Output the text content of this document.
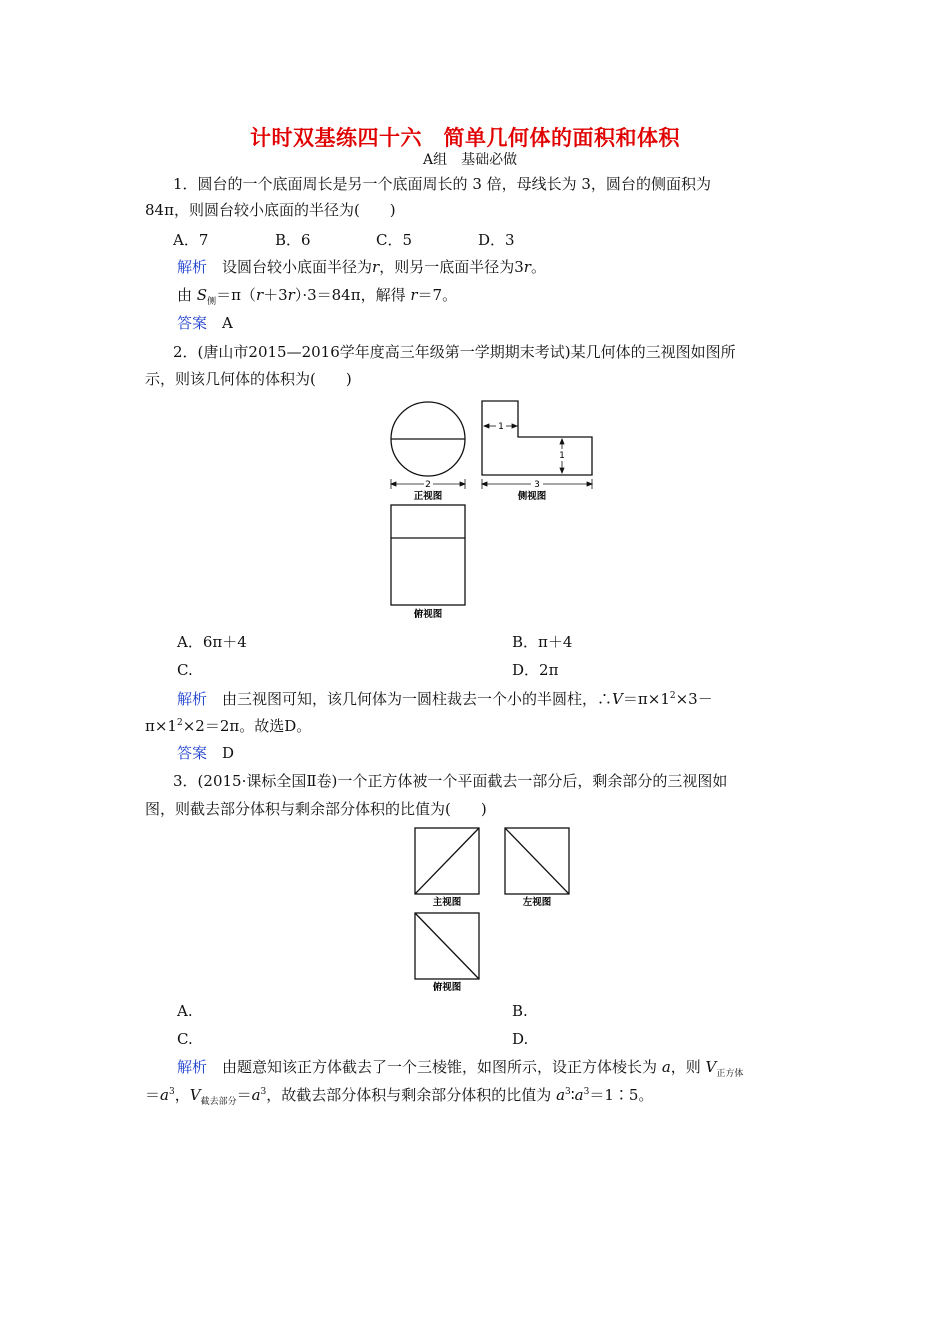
计时双基练四十六　简单几何体的面积和体积
A组　基础必做
1．圆台的一个底面周长是另一个底面周长的 3 倍，母线长为 3，圆台的侧面积为
84π，则圆台较小底面的半径为(　　)
A．7	B．6	C．5	D．3
解析　 设圆台较小底面半径为r，则另一底面半径为3r。
由 $S_侧=\pi(r+3r)\cdot 3=84\pi$，解得 r＝7。
答案　 A
2．(唐山市2015—2016学年度高三年级第一学期期末考试)某几何体的三视图如图所
示，则该几何体的体积为(　　)
2
正视图
1
1
3
侧视图
俯视图
A．6π＋4	B．π＋4
C.	D．2π
解析　 由三视图可知，该几何体为一圆柱裁去一个小的半圆柱，$\therefore V=\pi\times 1^2\times 3-$
$\pi\times 1^2\times 2=2\pi$。故选D。
答案　 D
3．(2015·课标全国Ⅱ卷)一个正方体被一个平面截去一部分后，剩余部分的三视图如
图，则截去部分体积与剩余部分体积的比值为(　　)
主视图	左视图
俯视图
A.	B.
C.	D.
解析　 由题意知该正方体截去了一个三棱锥，如图所示，设正方体棱长为 a，则 $V_{正方体}$
$=a^3$，$V_{截去部分}=a^3$，故截去部分体积与剩余部分体积的比值为 $a^3∶a^3=1∶5$。
